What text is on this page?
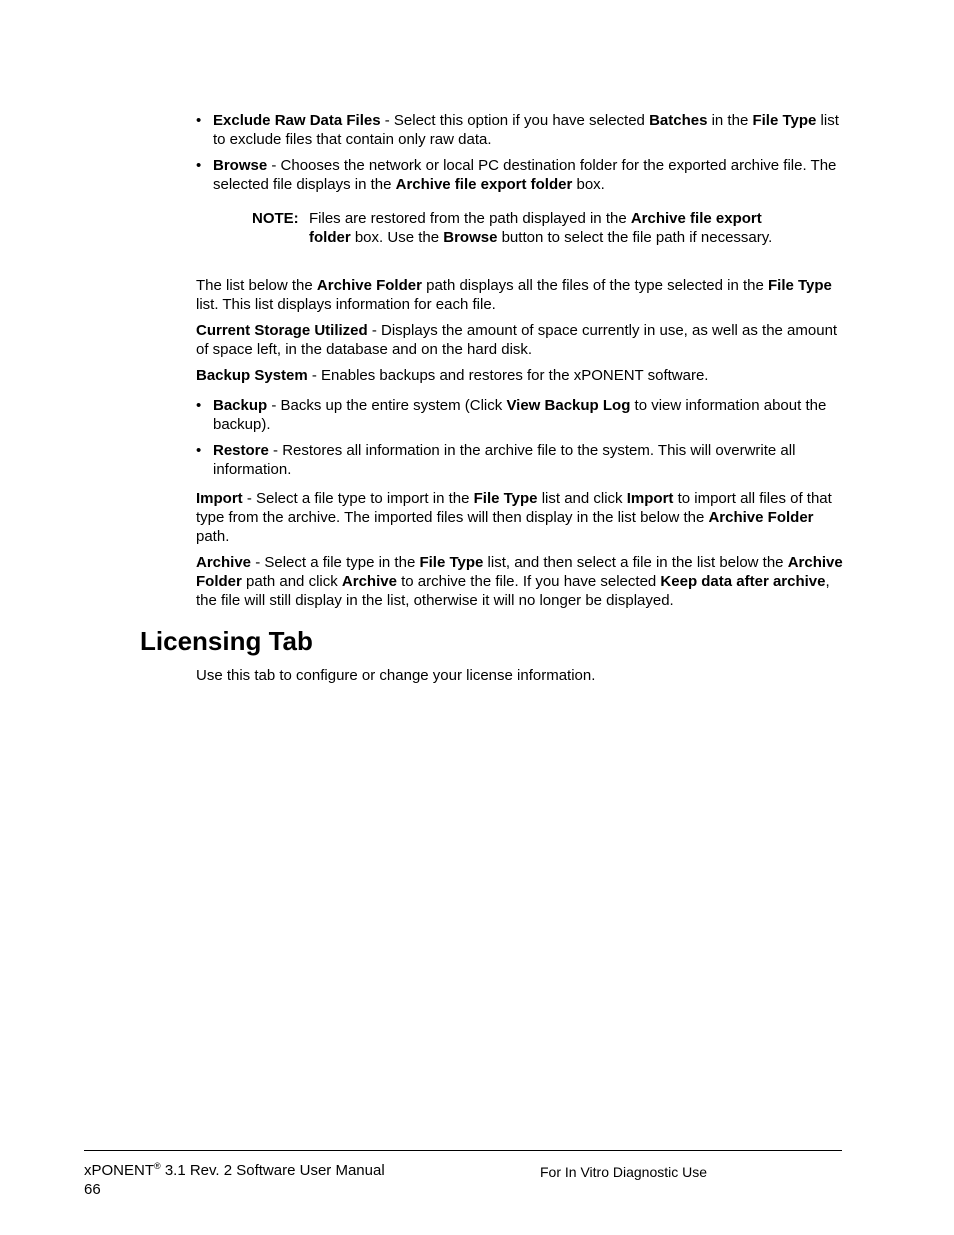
• Exclude Raw Data Files - Select this option if you have selected Batches in the File Type list to exclude files that contain only raw data.
• Browse - Chooses the network or local PC destination folder for the exported archive file. The selected file displays in the Archive file export folder box.
NOTE: Files are restored from the path displayed in the Archive file export folder box. Use the Browse button to select the file path if necessary.
The list below the Archive Folder path displays all the files of the type selected in the File Type list. This list displays information for each file.
Current Storage Utilized - Displays the amount of space currently in use, as well as the amount of space left, in the database and on the hard disk.
Backup System - Enables backups and restores for the xPONENT software.
• Backup - Backs up the entire system (Click View Backup Log to view information about the backup).
• Restore - Restores all information in the archive file to the system. This will overwrite all information.
Import - Select a file type to import in the File Type list and click Import to import all files of that type from the archive. The imported files will then display in the list below the Archive Folder path.
Archive - Select a file type in the File Type list, and then select a file in the list below the Archive Folder path and click Archive to archive the file. If you have selected Keep data after archive, the file will still display in the list, otherwise it will no longer be displayed.
Licensing Tab
Use this tab to configure or change your license information.
xPONENT® 3.1 Rev. 2 Software User Manual
66
For In Vitro Diagnostic Use
